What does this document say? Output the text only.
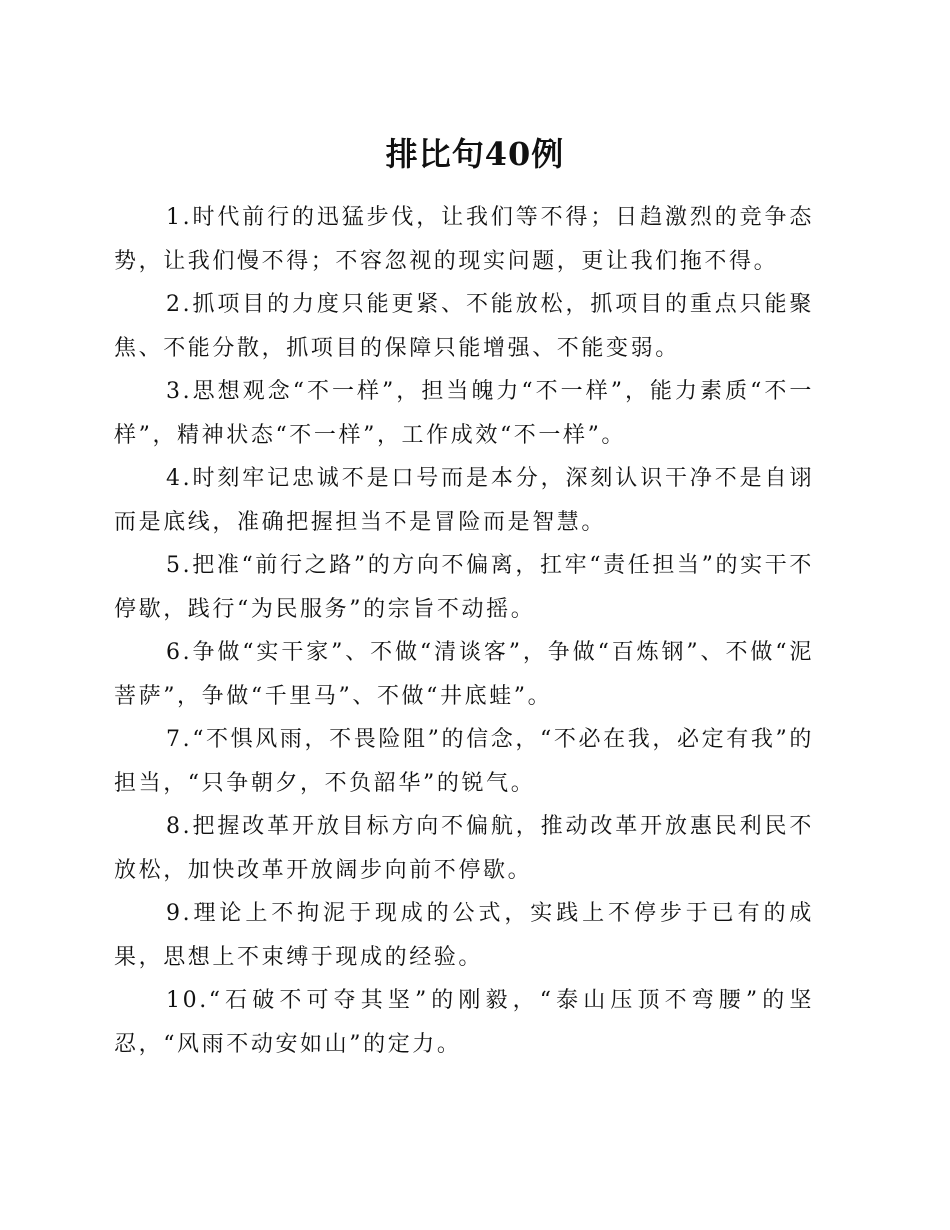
排比句40例

1.时代前行的迅猛步伐，让我们等不得；日趋激烈的竞争态势，让我们慢不得；不容忽视的现实问题，更让我们拖不得。

2.抓项目的力度只能更紧、不能放松，抓项目的重点只能聚焦、不能分散，抓项目的保障只能增强、不能变弱。

3.思想观念“不一样”，担当魄力“不一样”，能力素质“不一样”，精神状态“不一样”，工作成效“不一样”。

4.时刻牢记忠诚不是口号而是本分，深刻认识干净不是自诩而是底线，准确把握担当不是冒险而是智慧。

5.把准“前行之路”的方向不偏离，扛牢“责任担当”的实干不停歇，践行“为民服务”的宗旨不动摇。

6.争做“实干家”、不做“清谈客”，争做“百炼钢”、不做“泥菩萨”，争做“千里马”、不做“井底蛙”。

7.“不惧风雨，不畏险阻”的信念，“不必在我，必定有我”的担当，“只争朝夕，不负韶华”的锐气。

8.把握改革开放目标方向不偏航，推动改革开放惠民利民不放松，加快改革开放阔步向前不停歇。

9.理论上不拘泥于现成的公式，实践上不停步于已有的成果，思想上不束缚于现成的经验。

10.“石破不可夺其坚”的刚毅，“泰山压顶不弯腰”的坚忍，“风雨不动安如山”的定力。
